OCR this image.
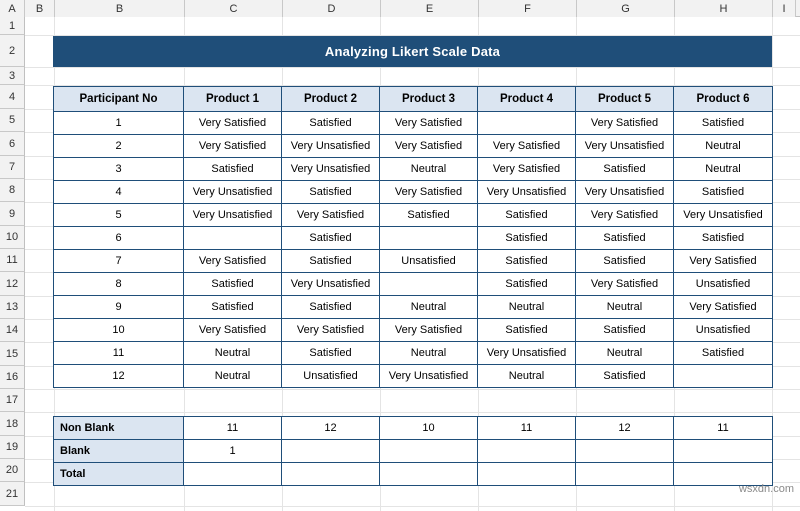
A	B	B	C	D	E	F	G	H	I
1
2
3
4
5
6
7
8
9
10
11
12
13
14
15
16
17
18
19
20
21
Analyzing Likert Scale Data
Participant No	Product 1	Product 2	Product 3	Product 4	Product 5	Product 6
1	Very Satisfied	Satisfied	Very Satisfied		Very Satisfied	Satisfied
2	Very Satisfied	Very Unsatisfied	Very Satisfied	Very Satisfied	Very Unsatisfied	Neutral
3	Satisfied	Very Unsatisfied	Neutral	Very Satisfied	Satisfied	Neutral
4	Very Unsatisfied	Satisfied	Very Satisfied	Very Unsatisfied	Very Unsatisfied	Satisfied
5	Very Unsatisfied	Very Satisfied	Satisfied	Satisfied	Very Satisfied	Very Unsatisfied
6		Satisfied		Satisfied	Satisfied	Satisfied
7	Very Satisfied	Satisfied	Unsatisfied	Satisfied	Satisfied	Very Satisfied
8	Satisfied	Very Unsatisfied		Satisfied	Very Satisfied	Unsatisfied
9	Satisfied	Satisfied	Neutral	Neutral	Neutral	Very Satisfied
10	Very Satisfied	Very Satisfied	Very Satisfied	Satisfied	Satisfied	Unsatisfied
11	Neutral	Satisfied	Neutral	Very Unsatisfied	Neutral	Satisfied
12	Neutral	Unsatisfied	Very Unsatisfied	Neutral	Satisfied	
Non Blank	11	12	10	11	12	11
Blank	1					
Total						
wsxdn.com
